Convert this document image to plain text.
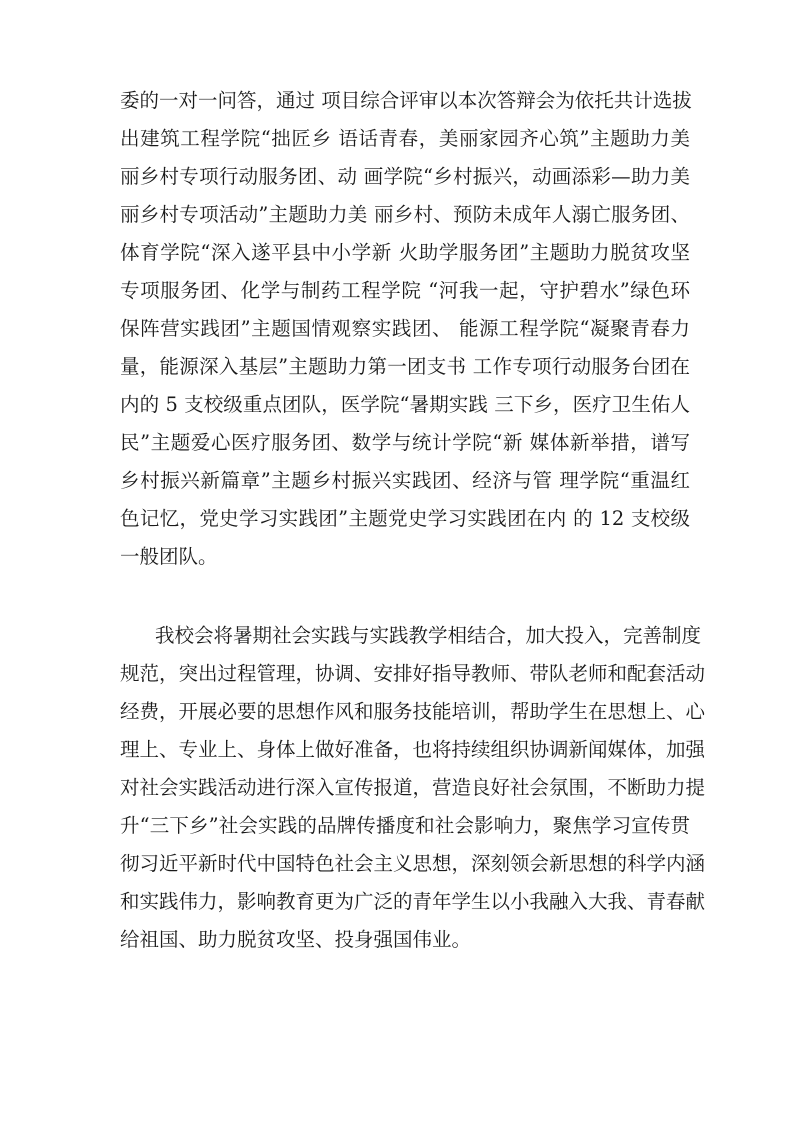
委的一对一问答，通过 项目综合评审以本次答辩会为依托共计选拔

出建筑工程学院“拙匠乡 语话青春，美丽家园齐心筑”主题助力美

丽乡村专项行动服务团、动 画学院“乡村振兴，动画添彩—助力美

丽乡村专项活动”主题助力美 丽乡村、预防未成年人溺亡服务团、

体育学院“深入遂平县中小学新 火助学服务团”主题助力脱贫攻坚

专项服务团、化学与制药工程学院 “河我一起，守护碧水”绿色环

保阵营实践团”主题国情观察实践团、 能源工程学院“凝聚青春力

量，能源深入基层”主题助力第一团支书 工作专项行动服务台团在

内的 5 支校级重点团队，医学院“暑期实践 三下乡，医疗卫生佑人

民”主题爱心医疗服务团、数学与统计学院“新 媒体新举措，谱写

乡村振兴新篇章”主题乡村振兴实践团、经济与管 理学院“重温红

色记忆，党史学习实践团”主题党史学习实践团在内 的 12 支校级

一般团队。

我校会将暑期社会实践与实践教学相结合，加大投入，完善制度

规范，突出过程管理，协调、安排好指导教师、带队老师和配套活动

经费，开展必要的思想作风和服务技能培训，帮助学生在思想上、心

理上、专业上、身体上做好准备，也将持续组织协调新闻媒体，加强

对社会实践活动进行深入宣传报道，营造良好社会氛围，不断助力提

升“三下乡”社会实践的品牌传播度和社会影响力，聚焦学习宣传贯

彻习近平新时代中国特色社会主义思想，深刻领会新思想的科学内涵

和实践伟力，影响教育更为广泛的青年学生以小我融入大我、青春献

给祖国、助力脱贫攻坚、投身强国伟业。
